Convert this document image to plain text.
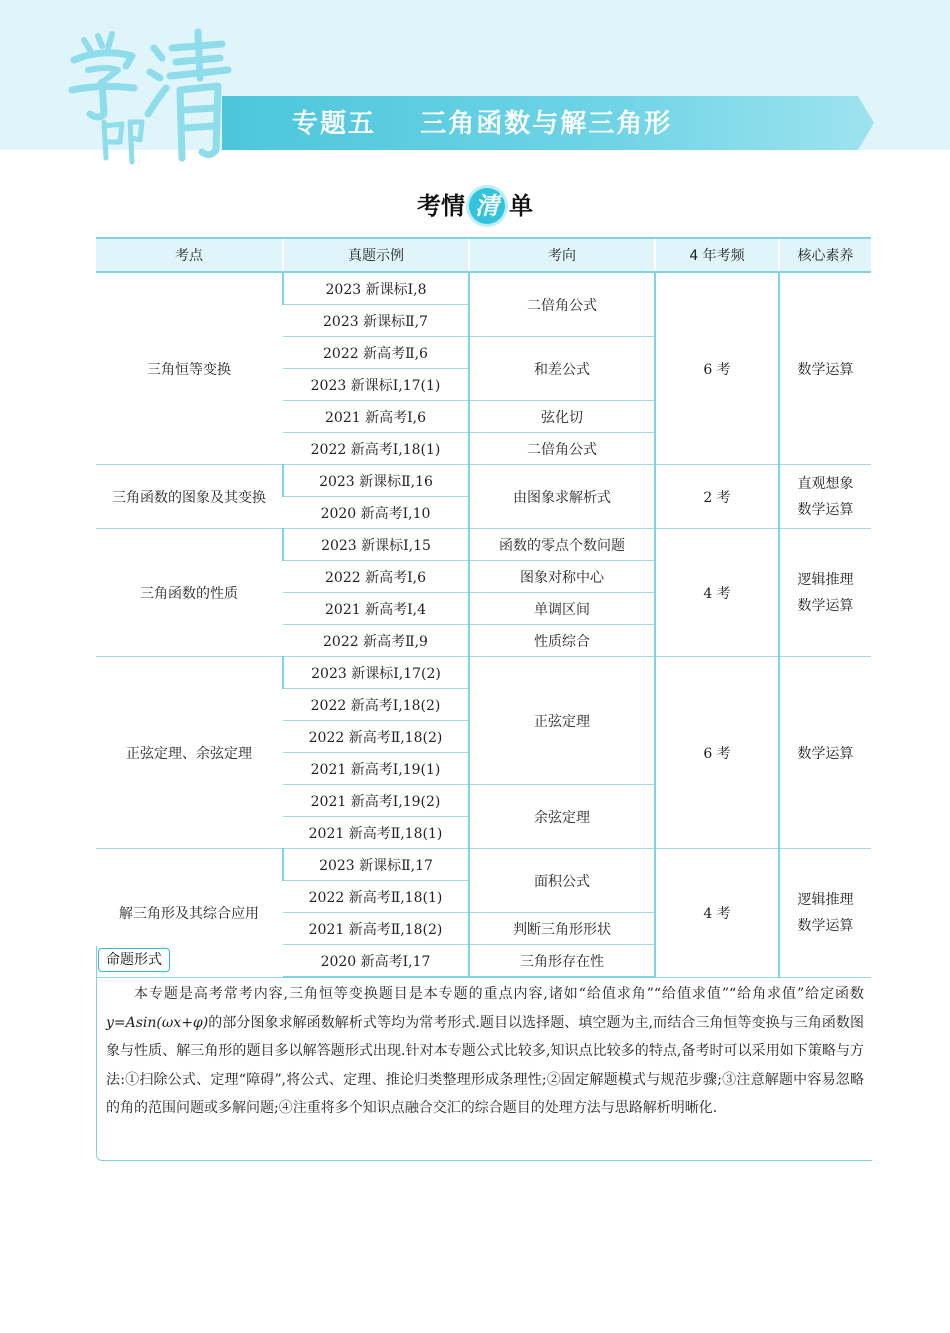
学即清
专题五    三角函数与解三角形
考情 清 单
考点	真题示例	考向	4 年考频	核心素养
三角恒等变换	2023 新课标Ⅰ,8	二倍角公式	6 考	数学运算

	2023 新课标Ⅱ,7			
	2022 新高考Ⅱ,6	和差公式		
	2023 新课标Ⅰ,17(1)			
	2021 新高考Ⅰ,6	弦化切		
	2022 新高考Ⅰ,18(1)	二倍角公式		
三角函数的图象及其变换	2023 新课标Ⅱ,16	由图象求解析式	2 考	直观想象
数学运算

	2020 新高考Ⅰ,10			
三角函数的性质	2023 新课标Ⅰ,15	函数的零点个数问题	4 考	逻辑推理
数学运算

	2022 新高考Ⅰ,6	图象对称中心		
	2021 新高考Ⅰ,4	单调区间		
	2022 新高考Ⅱ,9	性质综合		
正弦定理、余弦定理	2023 新课标Ⅰ,17(2)	正弦定理	6 考	数学运算

	2022 新高考Ⅰ,18(2)			
	2022 新高考Ⅱ,18(2)			
	2021 新高考Ⅰ,19(1)			
	2021 新高考Ⅰ,19(2)	余弦定理		
	2021 新高考Ⅱ,18(1)			
解三角形及其综合应用	2023 新课标Ⅱ,17	面积公式	4 考	逻辑推理
数学运算

	2022 新高考Ⅱ,18(1)			
	2021 新高考Ⅱ,18(2)	判断三角形形状		
	2020 新高考Ⅰ,17	三角形存在性		
命题形式
本专题是高考常考内容,三角恒等变换题目是本专题的重点内容,诸如“给值求角”“给值求值”“给角求值”给定函数 y=Asin(ωx+φ)的部分图象求解函数解析式等均为常考形式.题目以选择题、填空题为主,而结合三角恒等变换与三角函数图象与性质、解三角形的题目多以解答题形式出现.针对本专题公式比较多,知识点比较多的特点,备考时可以采用如下策略与方法:①扫除公式、定理“障碍”,将公式、定理、推论归类整理形成条理性;②固定解题模式与规范步骤;③注意解题中容易忽略的角的范围问题或多解问题;④注重将多个知识点融合交汇的综合题目的处理方法与思路解析明晰化.
